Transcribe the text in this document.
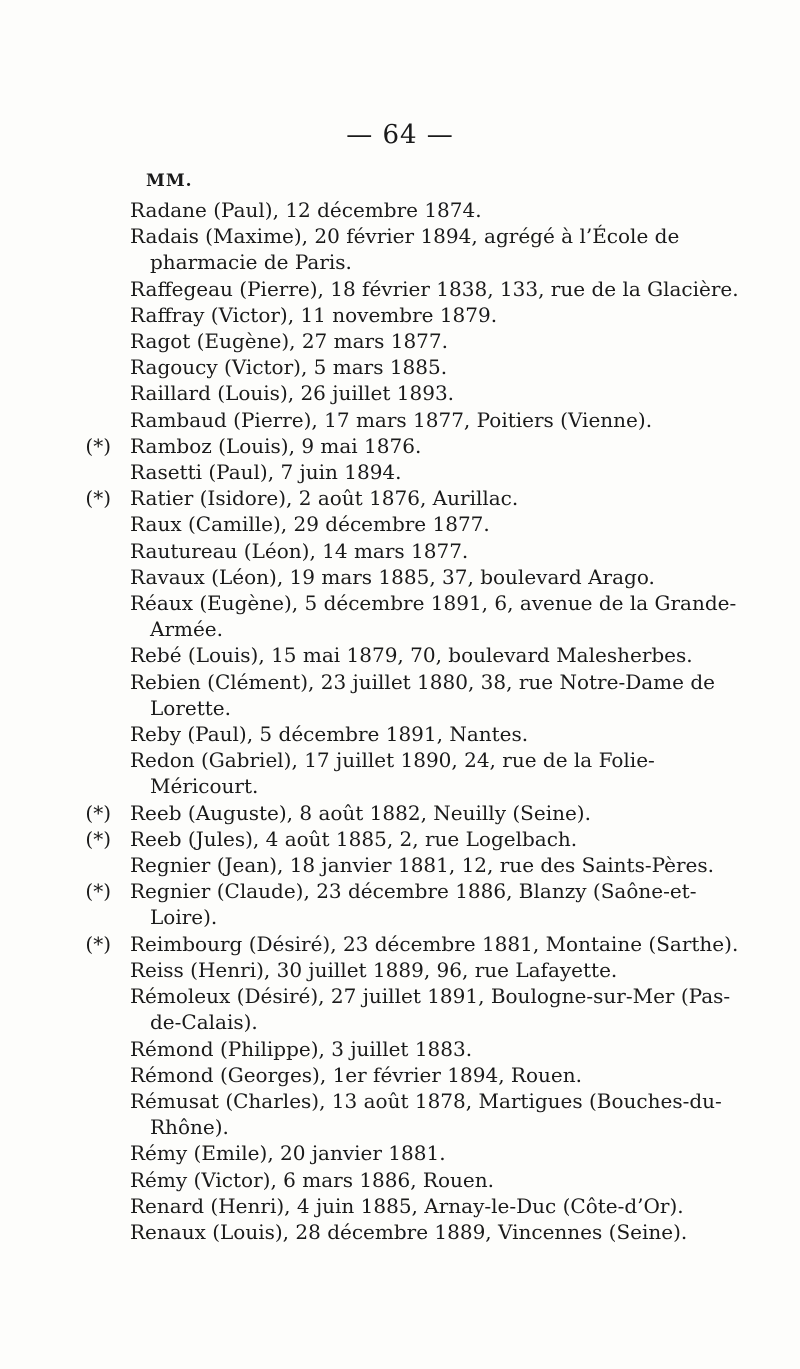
— 64 —
MM.
Radane (Paul), 12 décembre 1874.
Radais (Maxime), 20 février 1894, agrégé à l’École de pharmacie de Paris.
Raffegeau (Pierre), 18 février 1838, 133, rue de la Glacière.
Raffray (Victor), 11 novembre 1879.
Ragot (Eugène), 27 mars 1877.
Ragoucy (Victor), 5 mars 1885.
Raillard (Louis), 26 juillet 1893.
Rambaud (Pierre), 17 mars 1877, Poitiers (Vienne).
(*) Ramboz (Louis), 9 mai 1876.
Rasetti (Paul), 7 juin 1894.
(*) Ratier (Isidore), 2 août 1876, Aurillac.
Raux (Camille), 29 décembre 1877.
Rautureau (Léon), 14 mars 1877.
Ravaux (Léon), 19 mars 1885, 37, boulevard Arago.
Réaux (Eugène), 5 décembre 1891, 6, avenue de la Grande-Armée.
Rebé (Louis), 15 mai 1879, 70, boulevard Malesherbes.
Rebien (Clément), 23 juillet 1880, 38, rue Notre-Dame de Lorette.
Reby (Paul), 5 décembre 1891, Nantes.
Redon (Gabriel), 17 juillet 1890, 24, rue de la Folie-Méricourt.
(*) Reeb (Auguste), 8 août 1882, Neuilly (Seine).
(*) Reeb (Jules), 4 août 1885, 2, rue Logelbach.
Regnier (Jean), 18 janvier 1881, 12, rue des Saints-Pères.
(*) Regnier (Claude), 23 décembre 1886, Blanzy (Saône-et-Loire).
(*) Reimbourg (Désiré), 23 décembre 1881, Montaine (Sarthe).
Reiss (Henri), 30 juillet 1889, 96, rue Lafayette.
Rémoleux (Désiré), 27 juillet 1891, Boulogne-sur-Mer (Pas-de-Calais).
Rémond (Philippe), 3 juillet 1883.
Rémond (Georges), 1er février 1894, Rouen.
Rémusat (Charles), 13 août 1878, Martigues (Bouches-du-Rhône).
Rémy (Emile), 20 janvier 1881.
Rémy (Victor), 6 mars 1886, Rouen.
Renard (Henri), 4 juin 1885, Arnay-le-Duc (Côte-d’Or).
Renaux (Louis), 28 décembre 1889, Vincennes (Seine).
